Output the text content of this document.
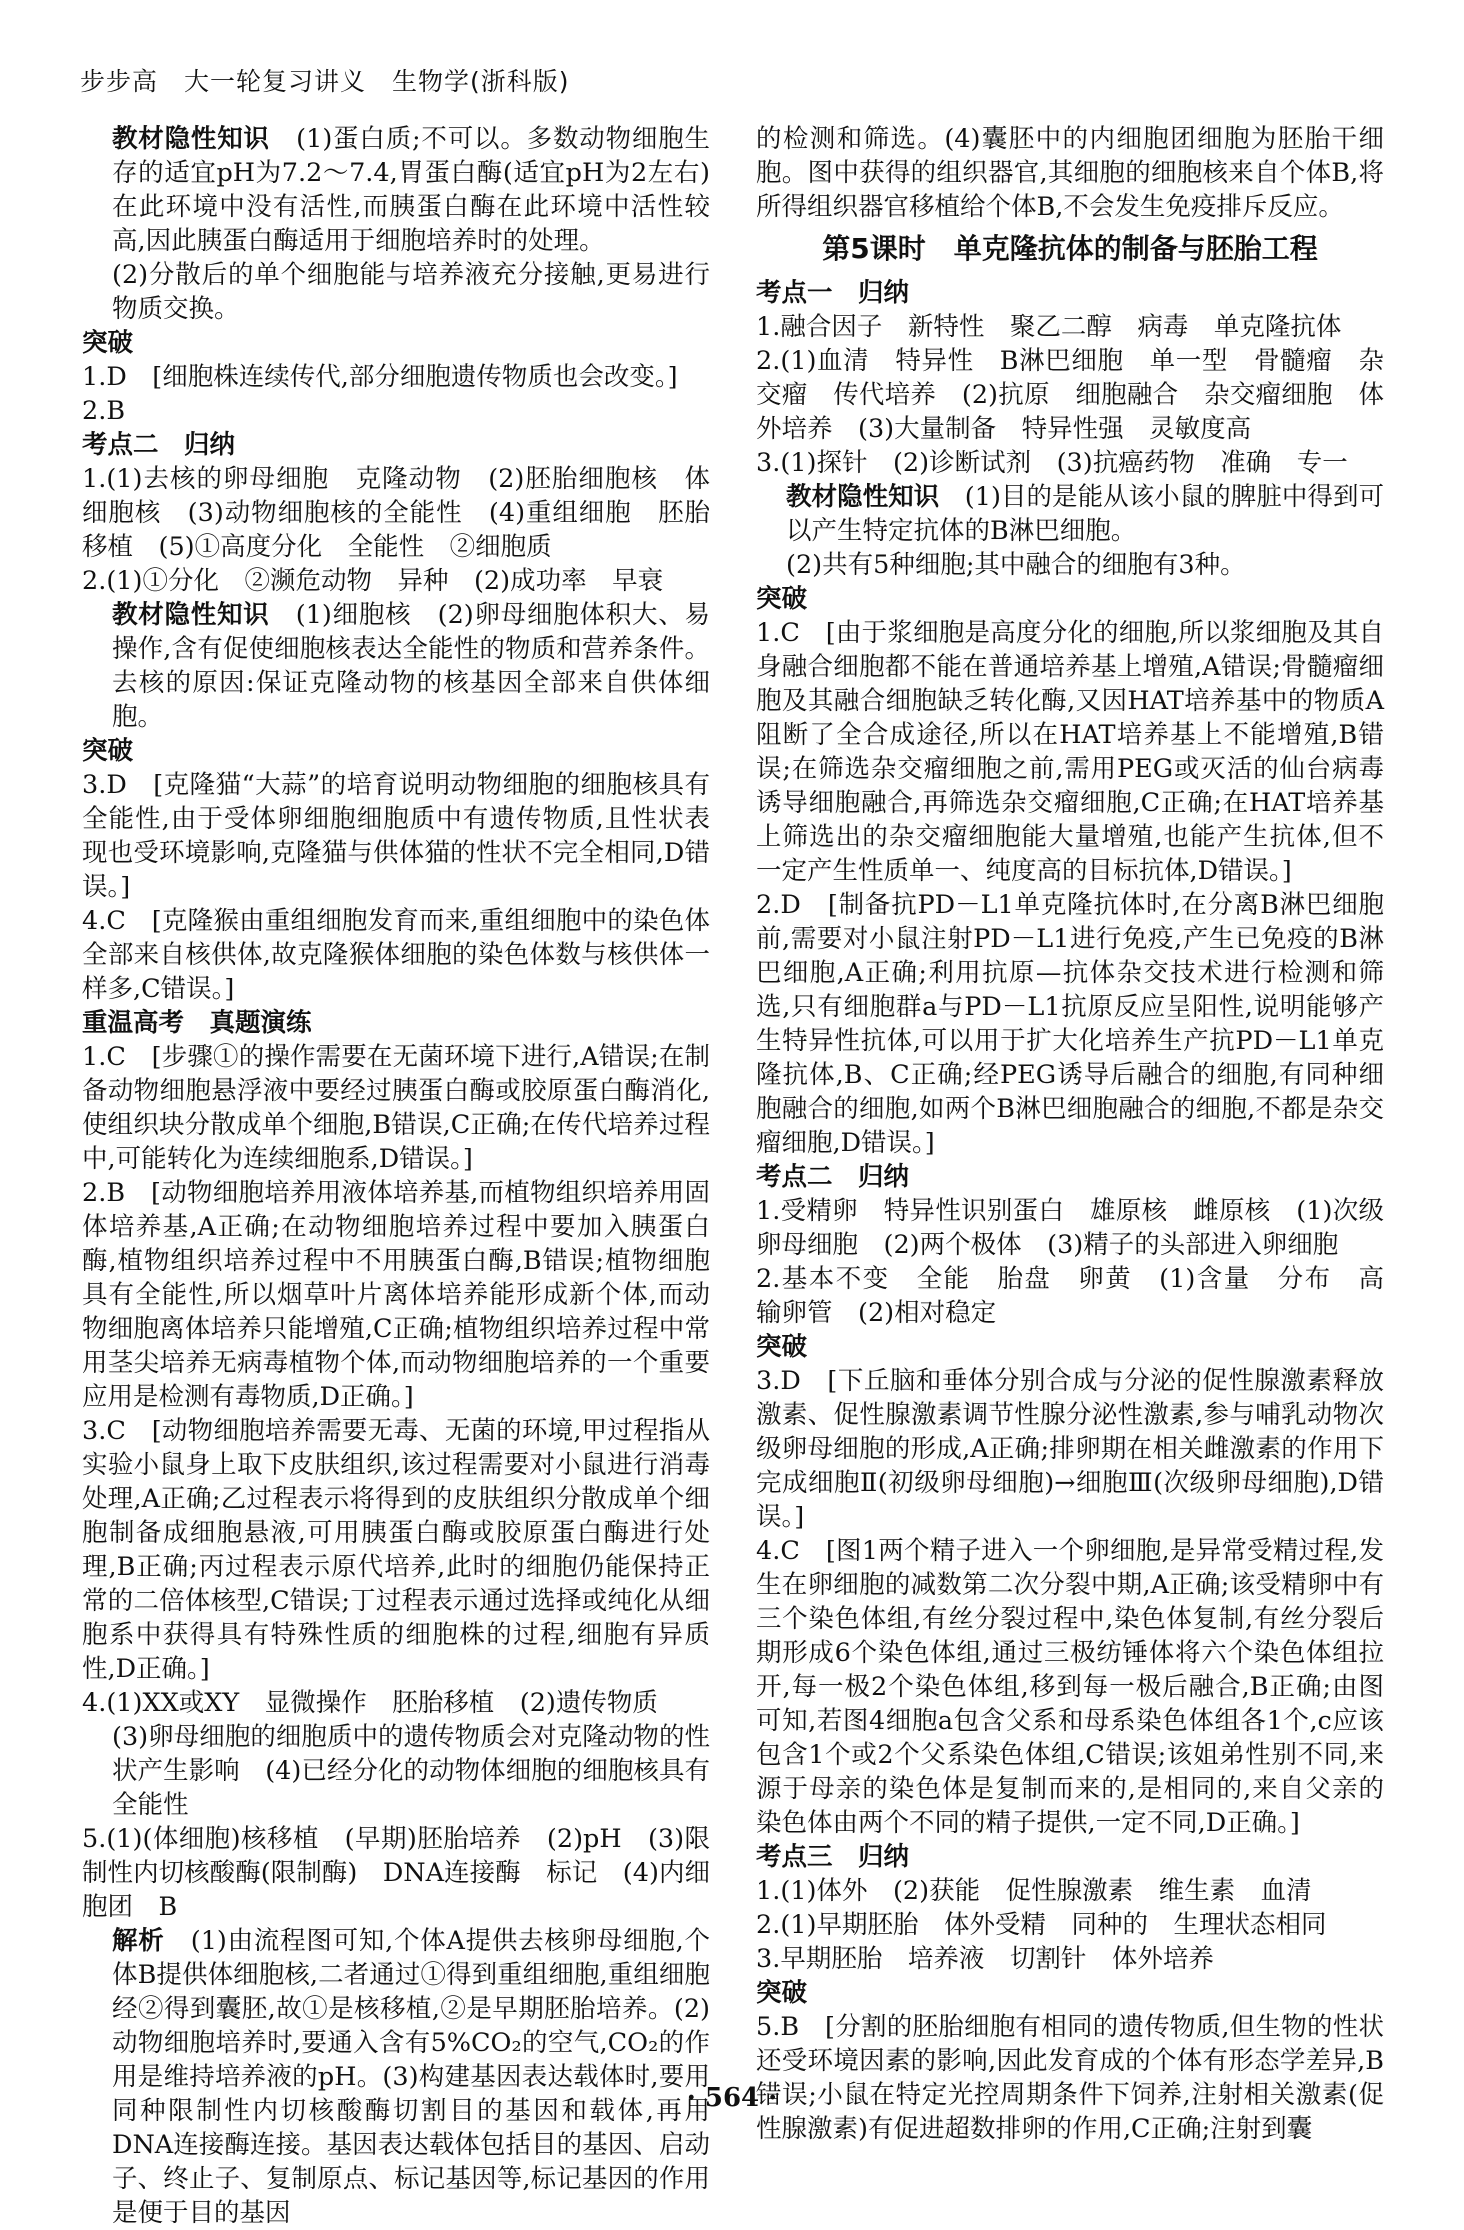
步步高　大一轮复习讲义　生物学(浙科版)
教材隐性知识　(1)蛋白质;不可以。多数动物细胞生存的适宜pH为7.2～7.4,胃蛋白酶(适宜pH为2左右)在此环境中没有活性,而胰蛋白酶在此环境中活性较高,因此胰蛋白酶适用于细胞培养时的处理。
(2)分散后的单个细胞能与培养液充分接触,更易进行物质交换。
突破
1.D　[细胞株连续传代,部分细胞遗传物质也会改变。]
2.B
考点二　归纳
1.(1)去核的卵母细胞　克隆动物　(2)胚胎细胞核　体细胞核　(3)动物细胞核的全能性　(4)重组细胞　胚胎移植　(5)①高度分化　全能性　②细胞质
2.(1)①分化　②濒危动物　异种　(2)成功率　早衰
教材隐性知识　(1)细胞核　(2)卵母细胞体积大、易操作,含有促使细胞核表达全能性的物质和营养条件。去核的原因:保证克隆动物的核基因全部来自供体细胞。
突破
3.D　[克隆猫“大蒜”的培育说明动物细胞的细胞核具有全能性,由于受体卵细胞细胞质中有遗传物质,且性状表现也受环境影响,克隆猫与供体猫的性状不完全相同,D错误。]
4.C　[克隆猴由重组细胞发育而来,重组细胞中的染色体全部来自核供体,故克隆猴体细胞的染色体数与核供体一样多,C错误。]
重温高考　真题演练
1.C　[步骤①的操作需要在无菌环境下进行,A错误;在制备动物细胞悬浮液中要经过胰蛋白酶或胶原蛋白酶消化,使组织块分散成单个细胞,B错误,C正确;在传代培养过程中,可能转化为连续细胞系,D错误。]
2.B　[动物细胞培养用液体培养基,而植物组织培养用固体培养基,A正确;在动物细胞培养过程中要加入胰蛋白酶,植物组织培养过程中不用胰蛋白酶,B错误;植物细胞具有全能性,所以烟草叶片离体培养能形成新个体,而动物细胞离体培养只能增殖,C正确;植物组织培养过程中常用茎尖培养无病毒植物个体,而动物细胞培养的一个重要应用是检测有毒物质,D正确。]
3.C　[动物细胞培养需要无毒、无菌的环境,甲过程指从实验小鼠身上取下皮肤组织,该过程需要对小鼠进行消毒处理,A正确;乙过程表示将得到的皮肤组织分散成单个细胞制备成细胞悬液,可用胰蛋白酶或胶原蛋白酶进行处理,B正确;丙过程表示原代培养,此时的细胞仍能保持正常的二倍体核型,C错误;丁过程表示通过选择或纯化从细胞系中获得具有特殊性质的细胞株的过程,细胞有异质性,D正确。]
4.(1)XX或XY　显微操作　胚胎移植　(2)遗传物质
(3)卵母细胞的细胞质中的遗传物质会对克隆动物的性状产生影响　(4)已经分化的动物体细胞的细胞核具有全能性
5.(1)(体细胞)核移植　(早期)胚胎培养　(2)pH　(3)限制性内切核酸酶(限制酶)　DNA连接酶　标记　(4)内细胞团　B
解析　(1)由流程图可知,个体A提供去核卵母细胞,个体B提供体细胞核,二者通过①得到重组细胞,重组细胞经②得到囊胚,故①是核移植,②是早期胚胎培养。(2)动物细胞培养时,要通入含有5%CO₂的空气,CO₂的作用是维持培养液的pH。(3)构建基因表达载体时,要用同种限制性内切核酸酶切割目的基因和载体,再用DNA连接酶连接。基因表达载体包括目的基因、启动子、终止子、复制原点、标记基因等,标记基因的作用是便于目的基因
的检测和筛选。(4)囊胚中的内细胞团细胞为胚胎干细胞。图中获得的组织器官,其细胞的细胞核来自个体B,将所得组织器官移植给个体B,不会发生免疫排斥反应。
第5课时　单克隆抗体的制备与胚胎工程
考点一　归纳
1.融合因子　新特性　聚乙二醇　病毒　单克隆抗体
2.(1)血清　特异性　B淋巴细胞　单一型　骨髓瘤　杂交瘤　传代培养　(2)抗原　细胞融合　杂交瘤细胞　体外培养　(3)大量制备　特异性强　灵敏度高
3.(1)探针　(2)诊断试剂　(3)抗癌药物　准确　专一
教材隐性知识　(1)目的是能从该小鼠的脾脏中得到可以产生特定抗体的B淋巴细胞。
(2)共有5种细胞;其中融合的细胞有3种。
突破
1.C　[由于浆细胞是高度分化的细胞,所以浆细胞及其自身融合细胞都不能在普通培养基上增殖,A错误;骨髓瘤细胞及其融合细胞缺乏转化酶,又因HAT培养基中的物质A阻断了全合成途径,所以在HAT培养基上不能增殖,B错误;在筛选杂交瘤细胞之前,需用PEG或灭活的仙台病毒诱导细胞融合,再筛选杂交瘤细胞,C正确;在HAT培养基上筛选出的杂交瘤细胞能大量增殖,也能产生抗体,但不一定产生性质单一、纯度高的目标抗体,D错误。]
2.D　[制备抗PD－L1单克隆抗体时,在分离B淋巴细胞前,需要对小鼠注射PD－L1进行免疫,产生已免疫的B淋巴细胞,A正确;利用抗原—抗体杂交技术进行检测和筛选,只有细胞群a与PD－L1抗原反应呈阳性,说明能够产生特异性抗体,可以用于扩大化培养生产抗PD－L1单克隆抗体,B、C正确;经PEG诱导后融合的细胞,有同种细胞融合的细胞,如两个B淋巴细胞融合的细胞,不都是杂交瘤细胞,D错误。]
考点二　归纳
1.受精卵　特异性识别蛋白　雄原核　雌原核　(1)次级卵母细胞　(2)两个极体　(3)精子的头部进入卵细胞
2.基本不变　全能　胎盘　卵黄　(1)含量　分布　高　输卵管　(2)相对稳定
突破
3.D　[下丘脑和垂体分别合成与分泌的促性腺激素释放激素、促性腺激素调节性腺分泌性激素,参与哺乳动物次级卵母细胞的形成,A正确;排卵期在相关雌激素的作用下完成细胞Ⅱ(初级卵母细胞)→细胞Ⅲ(次级卵母细胞),D错误。]
4.C　[图1两个精子进入一个卵细胞,是异常受精过程,发生在卵细胞的减数第二次分裂中期,A正确;该受精卵中有三个染色体组,有丝分裂过程中,染色体复制,有丝分裂后期形成6个染色体组,通过三极纺锤体将六个染色体组拉开,每一极2个染色体组,移到每一极后融合,B正确;由图可知,若图4细胞a包含父系和母系染色体组各1个,c应该包含1个或2个父系染色体组,C错误;该姐弟性别不同,来源于母亲的染色体是复制而来的,是相同的,来自父亲的染色体由两个不同的精子提供,一定不同,D正确。]
考点三　归纳
1.(1)体外　(2)获能　促性腺激素　维生素　血清
2.(1)早期胚胎　体外受精　同种的　生理状态相同
3.早期胚胎　培养液　切割针　体外培养
突破
5.B　[分割的胚胎细胞有相同的遗传物质,但生物的性状还受环境因素的影响,因此发育成的个体有形态学差异,B错误;小鼠在特定光控周期条件下饲养,注射相关激素(促性腺激素)有促进超数排卵的作用,C正确;注射到囊
· 564 ·
